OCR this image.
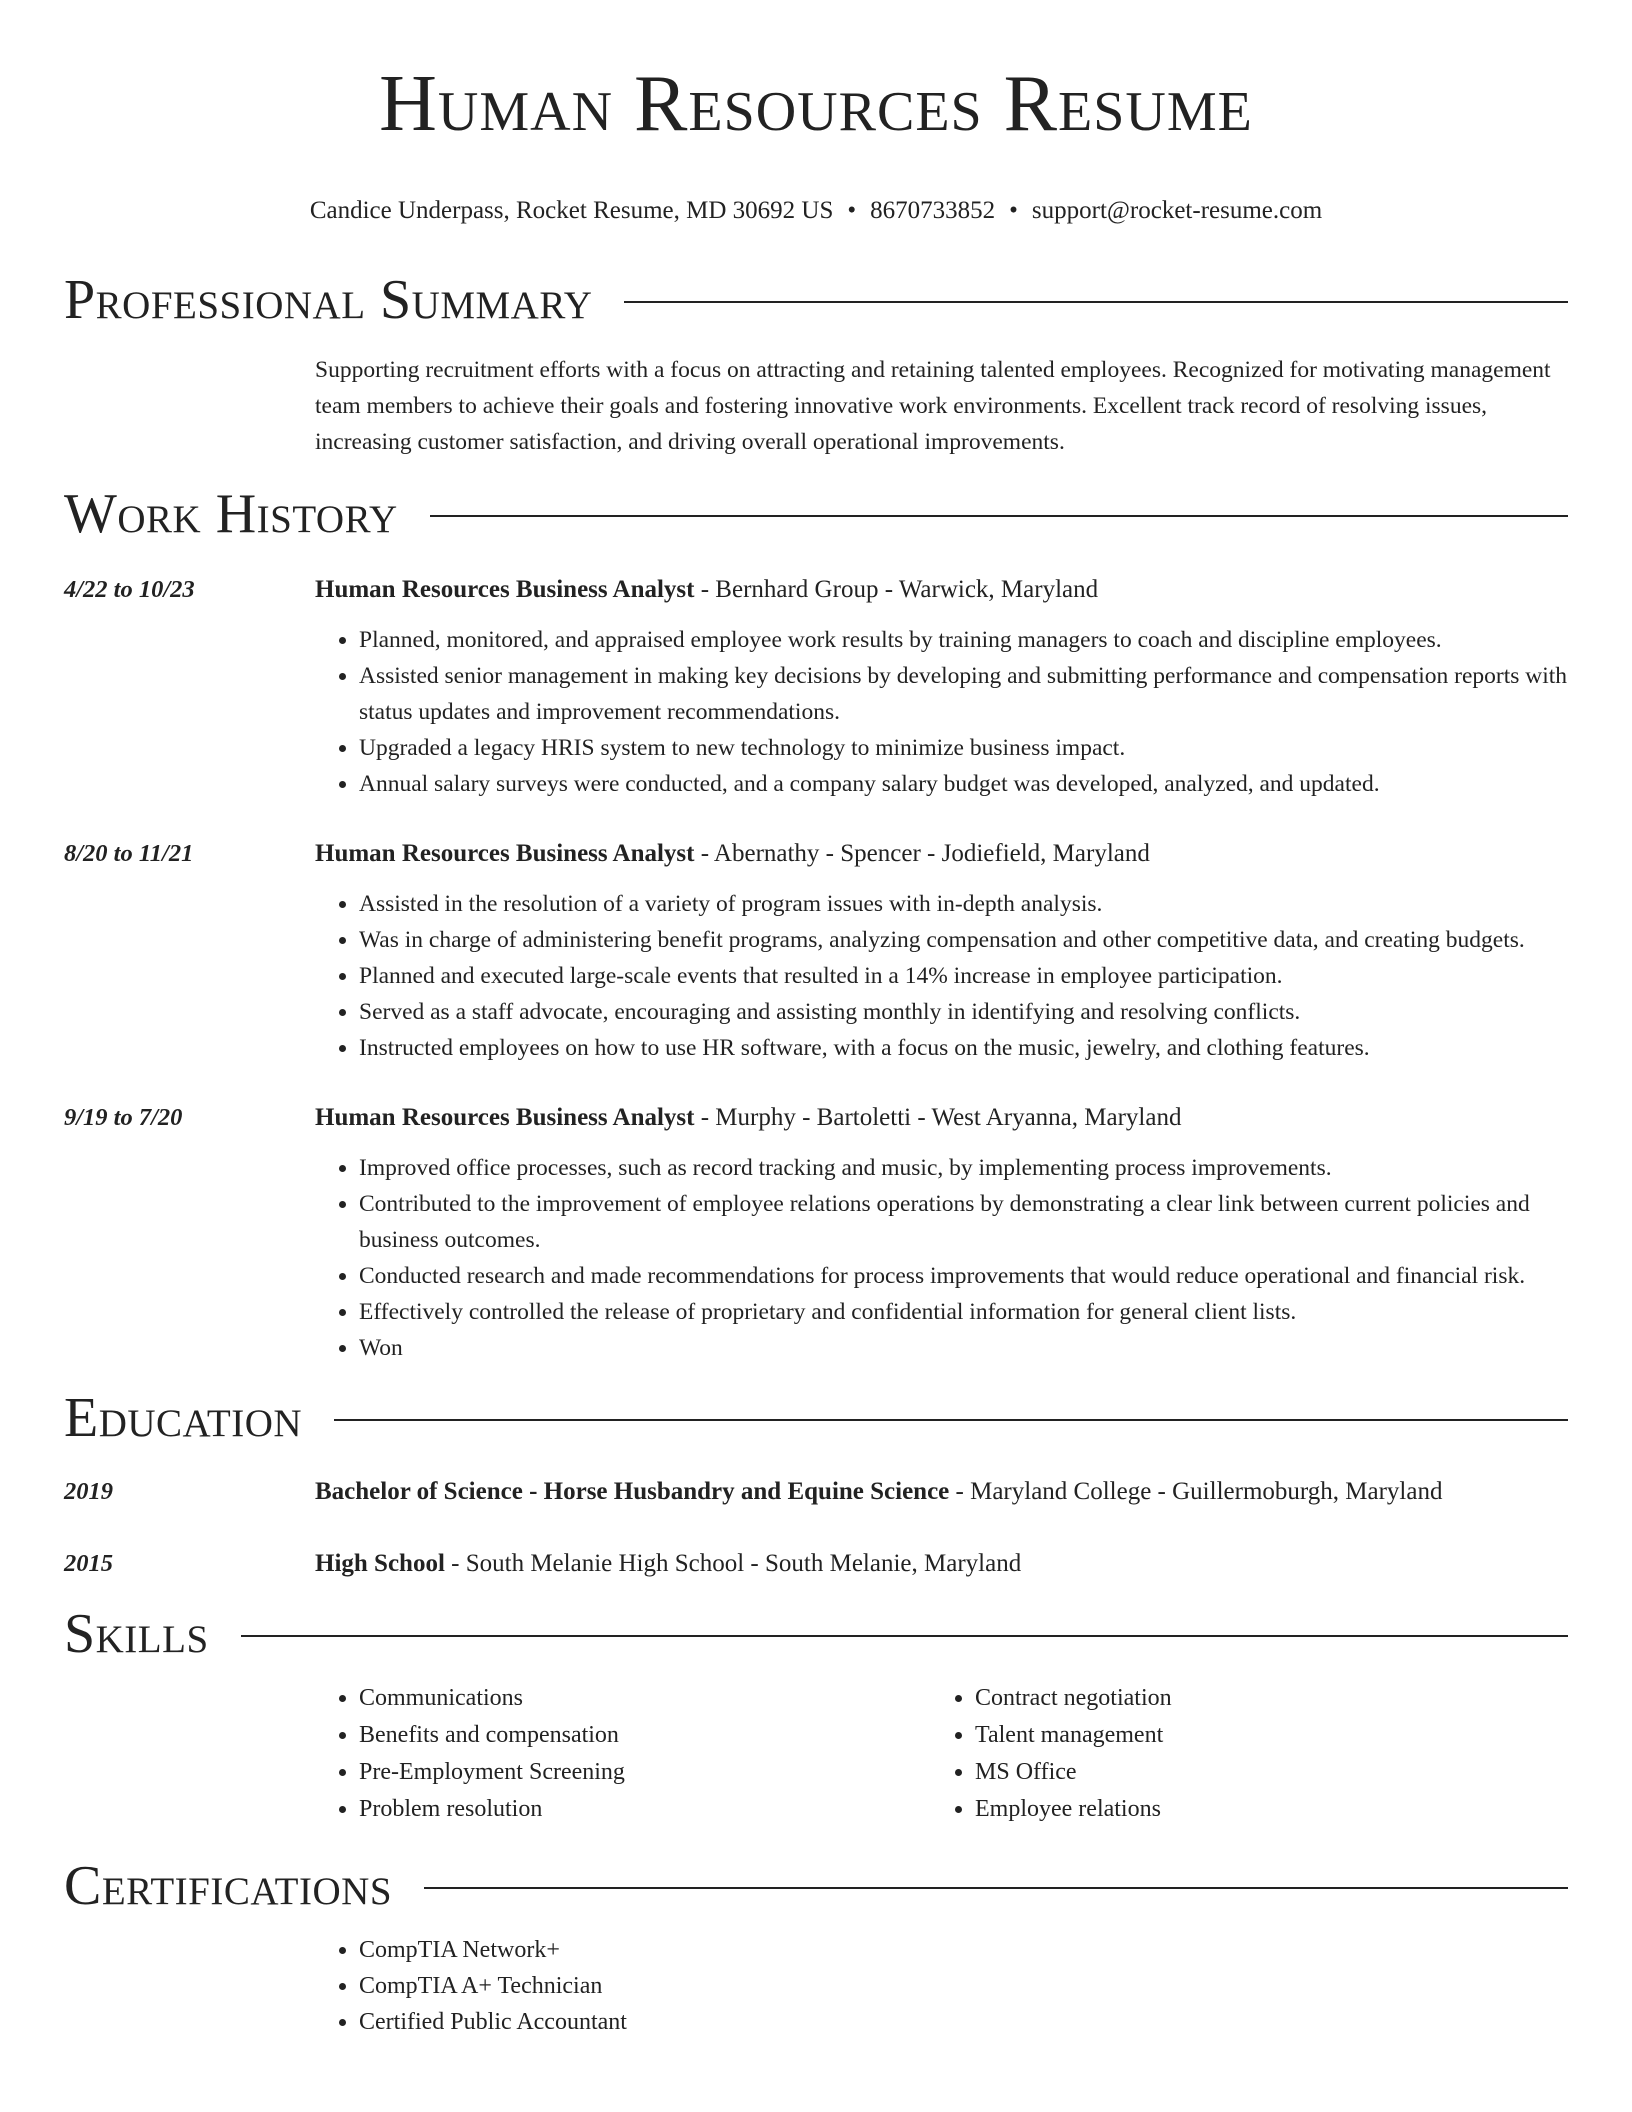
Human Resources Resume
Candice Underpass, Rocket Resume, MD 30692 US • 8670733852 • support@rocket-resume.com
Professional Summary
Supporting recruitment efforts with a focus on attracting and retaining talented employees. Recognized for motivating management team members to achieve their goals and fostering innovative work environments. Excellent track record of resolving issues, increasing customer satisfaction, and driving overall operational improvements.
Work History
4/22 to 10/23	Human Resources Business Analyst - Bernhard Group - Warwick, Maryland
• Planned, monitored, and appraised employee work results by training managers to coach and discipline employees.
• Assisted senior management in making key decisions by developing and submitting performance and compensation reports with status updates and improvement recommendations.
• Upgraded a legacy HRIS system to new technology to minimize business impact.
• Annual salary surveys were conducted, and a company salary budget was developed, analyzed, and updated.
8/20 to 11/21	Human Resources Business Analyst - Abernathy - Spencer - Jodiefield, Maryland
• Assisted in the resolution of a variety of program issues with in-depth analysis.
• Was in charge of administering benefit programs, analyzing compensation and other competitive data, and creating budgets.
• Planned and executed large-scale events that resulted in a 14% increase in employee participation.
• Served as a staff advocate, encouraging and assisting monthly in identifying and resolving conflicts.
• Instructed employees on how to use HR software, with a focus on the music, jewelry, and clothing features.
9/19 to 7/20	Human Resources Business Analyst - Murphy - Bartoletti - West Aryanna, Maryland
• Improved office processes, such as record tracking and music, by implementing process improvements.
• Contributed to the improvement of employee relations operations by demonstrating a clear link between current policies and business outcomes.
• Conducted research and made recommendations for process improvements that would reduce operational and financial risk.
• Effectively controlled the release of proprietary and confidential information for general client lists.
• Won
Education
2019	Bachelor of Science - Horse Husbandry and Equine Science - Maryland College - Guillermoburgh, Maryland
2015	High School - South Melanie High School - South Melanie, Maryland
Skills
• Communications
• Benefits and compensation
• Pre-Employment Screening
• Problem resolution
• Contract negotiation
• Talent management
• MS Office
• Employee relations
Certifications
• CompTIA Network+
• CompTIA A+ Technician
• Certified Public Accountant
